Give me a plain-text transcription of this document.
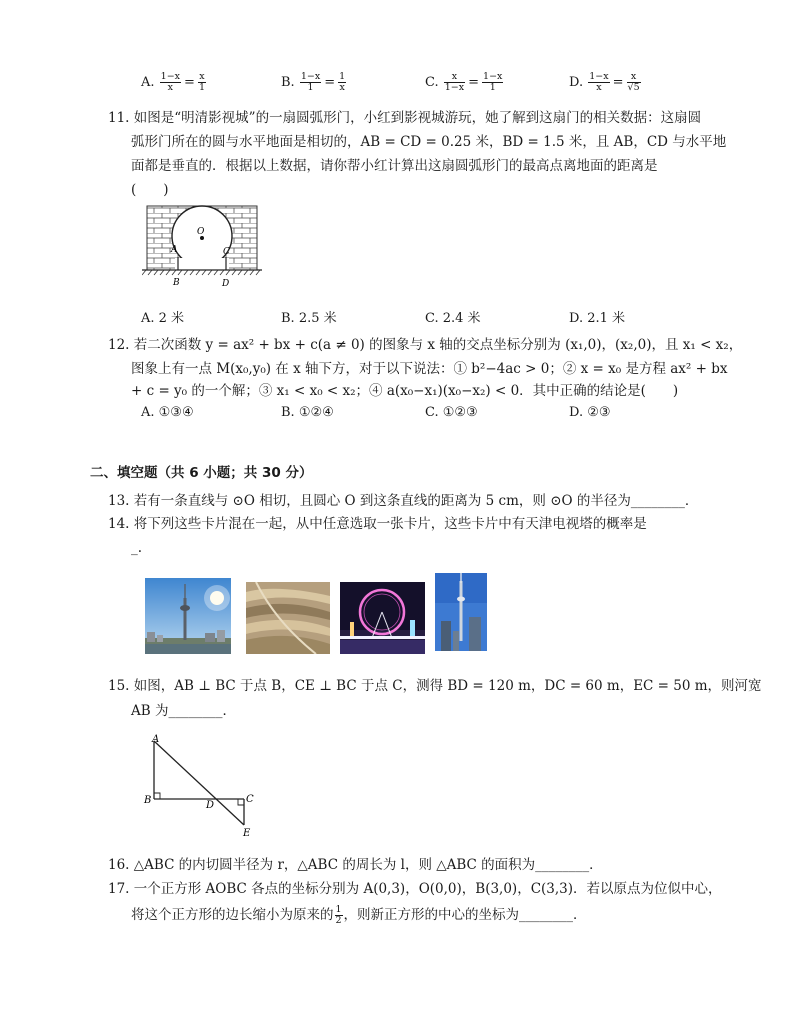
A. $\frac{1-x}{x} = \frac{x}{1}$	B. $\frac{1-x}{1} = \frac{1}{x}$	C. $\frac{x}{1-x} = \frac{1-x}{1}$	D. $\frac{1-x}{x} = \frac{x}{√5}$
11. 如图是“明清影视城”的一扇圆弧形门，小红到影视城游玩，她了解到这扇门的相关数据：这扇圆
弧形门所在的圆与水平地面是相切的，AB = CD = 0.25 米，BD = 1.5 米，且 AB，CD 与水平地
面都是垂直的．根据以上数据，请你帮小红计算出这扇圆弧形门的最高点离地面的距离是
(　　)
O
A	C
B	D
A. 2 米	B. 2.5 米	C. 2.4 米	D. 2.1 米
12. 若二次函数 y = ax² + bx + c(a ≠ 0) 的图象与 x 轴的交点坐标分别为 (x₁,0)，(x₂,0)，且 x₁ < x₂，
图象上有一点 M(x₀,y₀) 在 x 轴下方，对于以下说法：① b²−4ac > 0；② x = x₀ 是方程 ax² + bx
+ c = y₀ 的一个解；③ x₁ < x₀ < x₂；④ a(x₀−x₁)(x₀−x₂) < 0．其中正确的结论是(　　)
A. ①③④	B. ①②④	C. ①②③	D. ②③
二、填空题（共 6 小题；共 30 分）
13. 若有一条直线与 ⊙O 相切，且圆心 O 到这条直线的距离为 5 cm，则 ⊙O 的半径为________．
14. 将下列这些卡片混在一起，从中任意选取一张卡片，这些卡片中有天津电视塔的概率是
_.
15. 如图，AB ⊥ BC 于点 B，CE ⊥ BC 于点 C，测得 BD = 120 m，DC = 60 m，EC = 50 m，则河宽
AB 为________．
A
B	D
C
E
16. △ABC 的内切圆半径为 r，△ABC 的周长为 l，则 △ABC 的面积为________．
17. 一个正方形 AOBC 各点的坐标分别为 A(0,3)，O(0,0)，B(3,0)，C(3,3)．若以原点为位似中心，
将这个正方形的边长缩小为原来的 $\frac{1}{2}$ ，则新正方形的中心的坐标为________．
